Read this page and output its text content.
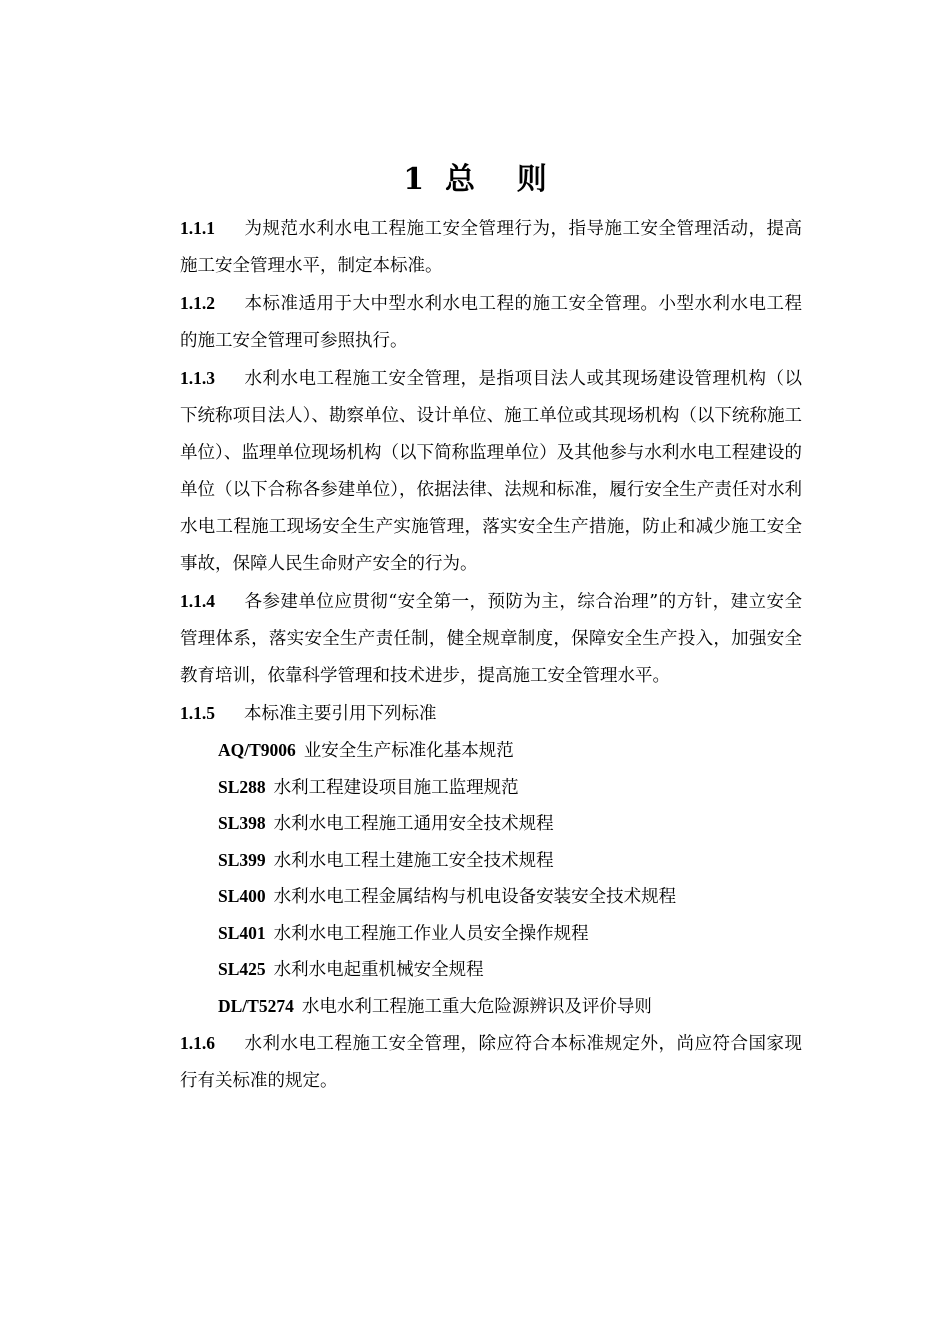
1  总    则

1.1.1 为规范水利水电工程施工安全管理行为，指导施工安全管理活动，提高施工安全管理水平，制定本标准。

1.1.2 本标准适用于大中型水利水电工程的施工安全管理。小型水利水电工程的施工安全管理可参照执行。

1.1.3 水利水电工程施工安全管理，是指项目法人或其现场建设管理机构（以下统称项目法人）、勘察单位、设计单位、施工单位或其现场机构（以下统称施工单位）、监理单位现场机构（以下简称监理单位）及其他参与水利水电工程建设的单位（以下合称各参建单位），依据法律、法规和标准，履行安全生产责任对水利水电工程施工现场安全生产实施管理，落实安全生产措施，防止和减少施工安全事故，保障人民生命财产安全的行为。

1.1.4 各参建单位应贯彻“安全第一，预防为主，综合治理”的方针，建立安全管理体系，落实安全生产责任制，健全规章制度，保障安全生产投入，加强安全教育培训，依靠科学管理和技术进步，提高施工安全管理水平。

1.1.5 本标准主要引用下列标准

AQ/T9006 业安全生产标准化基本规范
SL288 水利工程建设项目施工监理规范
SL398 水利水电工程施工通用安全技术规程
SL399 水利水电工程土建施工安全技术规程
SL400 水利水电工程金属结构与机电设备安装安全技术规程
SL401 水利水电工程施工作业人员安全操作规程
SL425 水利水电起重机械安全规程
DL/T5274 水电水利工程施工重大危险源辨识及评价导则

1.1.6 水利水电工程施工安全管理，除应符合本标准规定外，尚应符合国家现行有关标准的规定。
